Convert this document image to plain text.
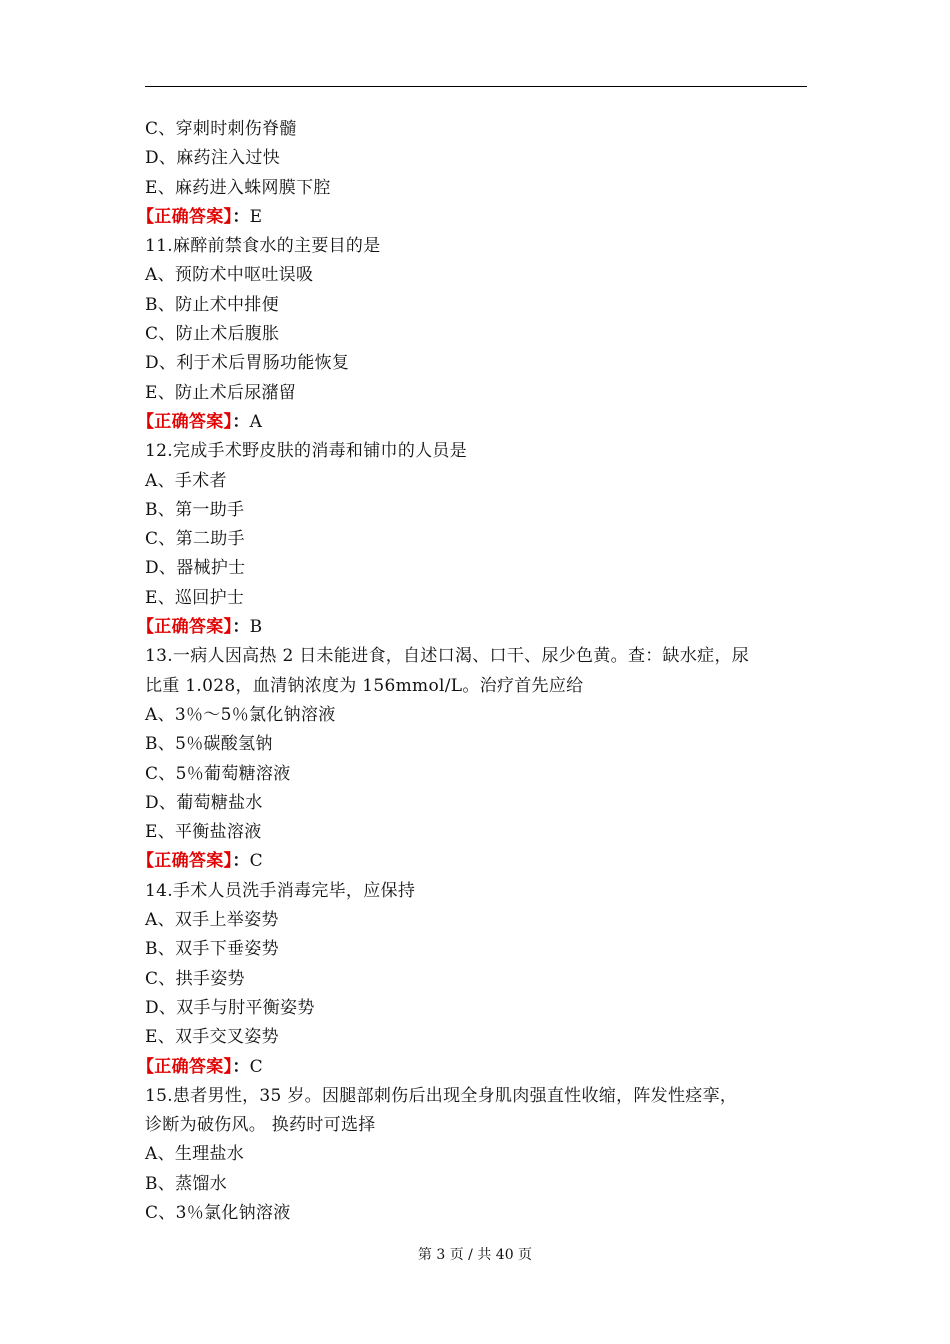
C、穿刺时刺伤脊髓
D、麻药注入过快
E、麻药进入蛛网膜下腔
【正确答案】：E
11.麻醉前禁食水的主要目的是
A、预防术中呕吐误吸
B、防止术中排便
C、防止术后腹胀
D、利于术后胃肠功能恢复
E、防止术后尿潴留
【正确答案】：A
12.完成手术野皮肤的消毒和铺巾的人员是
A、手术者
B、第一助手
C、第二助手
D、器械护士
E、巡回护士
【正确答案】：B
13.一病人因高热 2 日未能进食，自述口渴、口干、尿少色黄。查：缺水症，尿
比重 1.028，血清钠浓度为 156mmol/L。治疗首先应给
A、3％～5％氯化钠溶液
B、5％碳酸氢钠
C、5％葡萄糖溶液
D、葡萄糖盐水
E、平衡盐溶液
【正确答案】：C
14.手术人员洗手消毒完毕，应保持
A、双手上举姿势
B、双手下垂姿势
C、拱手姿势
D、双手与肘平衡姿势
E、双手交叉姿势
【正确答案】：C
15.患者男性，35 岁。因腿部刺伤后出现全身肌肉强直性收缩，阵发性痉挛，
诊断为破伤风。 换药时可选择
A、生理盐水
B、蒸馏水
C、3％氯化钠溶液
第 3 页 / 共 40 页
